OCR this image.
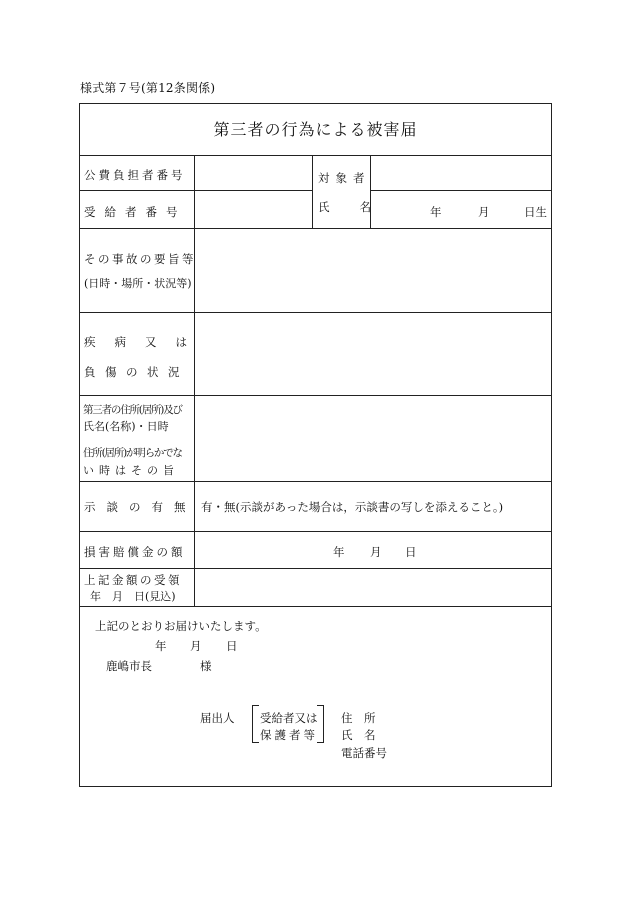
様式第７号(第12条関係)
第三者の行為による被害届
公費負担者番号
受給者番号
対象者
氏名	年	月	日生
その事故の要旨等
(日時・場所・状況等)
疾病又は
負傷の状況
第三者の住所(居所)及び
氏名(名称)・日時
住所(居所)が明らかでな
い時はその旨
示談の有無 有・無(示談があった場合は，示談書の写しを添えること。)
損害賠償金の額	年 月 日
上記金額の受領
年　月　日(見込)
上記のとおりお届けいたします。
年 月 日
鹿嶋市長	様
届出人 受給者又は
保護者等
住　所
氏　名
電話番号
